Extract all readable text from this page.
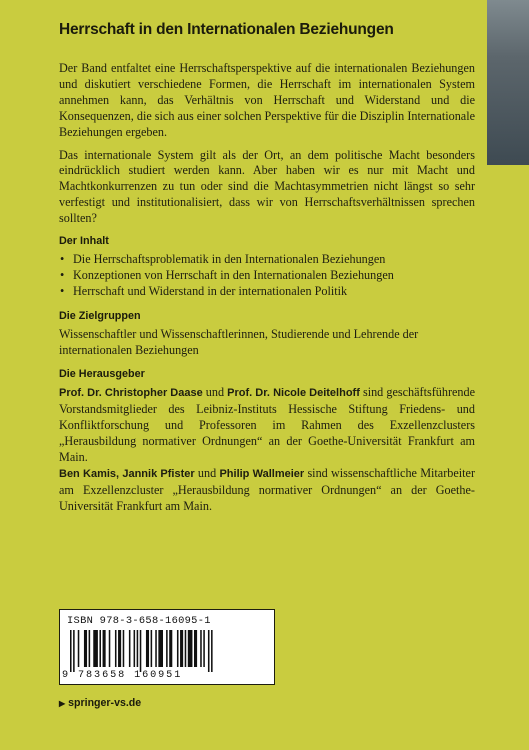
Herrschaft in den Internationalen Beziehungen

Der Band entfaltet eine Herrschaftsperspektive auf die internationalen Beziehungen und diskutiert verschiedene Formen, die Herrschaft im internationalen System annehmen kann, das Verhältnis von Herrschaft und Widerstand und die Konsequenzen, die sich aus einer solchen Perspektive für die Disziplin Internationale Beziehungen ergeben.

Das internationale System gilt als der Ort, an dem politische Macht besonders eindrücklich studiert werden kann. Aber haben wir es nur mit Macht und Machtkonkurrenzen zu tun oder sind die Machtasymmetrien nicht längst so sehr verfestigt und institutionalisiert, dass wir von Herrschaftsverhältnissen sprechen sollten?

Der Inhalt
• Die Herrschaftsproblematik in den Internationalen Beziehungen
• Konzeptionen von Herrschaft in den Internationalen Beziehungen
• Herrschaft und Widerstand in der internationalen Politik
Die Zielgruppen
Wissenschaftler und Wissenschaftlerinnen, Studierende und Lehrende der internationalen Beziehungen
Die Herausgeber

Prof. Dr. Christopher Daase und Prof. Dr. Nicole Deitelhoff sind geschäftsführende Vorstandsmitglieder des Leibniz-Instituts Hessische Stiftung Friedens- und Konfliktforschung und Professoren im Rahmen des Exzellenzclusters „Herausbildung normativer Ordnungen“ an der Goethe-Universität Frankfurt am Main.

Ben Kamis, Jannik Pfister und Philip Wallmeier sind wissenschaftliche Mitarbeiter am Exzellenzcluster „Herausbildung normativer Ordnungen“ an der Goethe-Universität Frankfurt am Main.

ISBN 978-3-658-16095-1
9 783658 160951
▶ springer-vs.de
